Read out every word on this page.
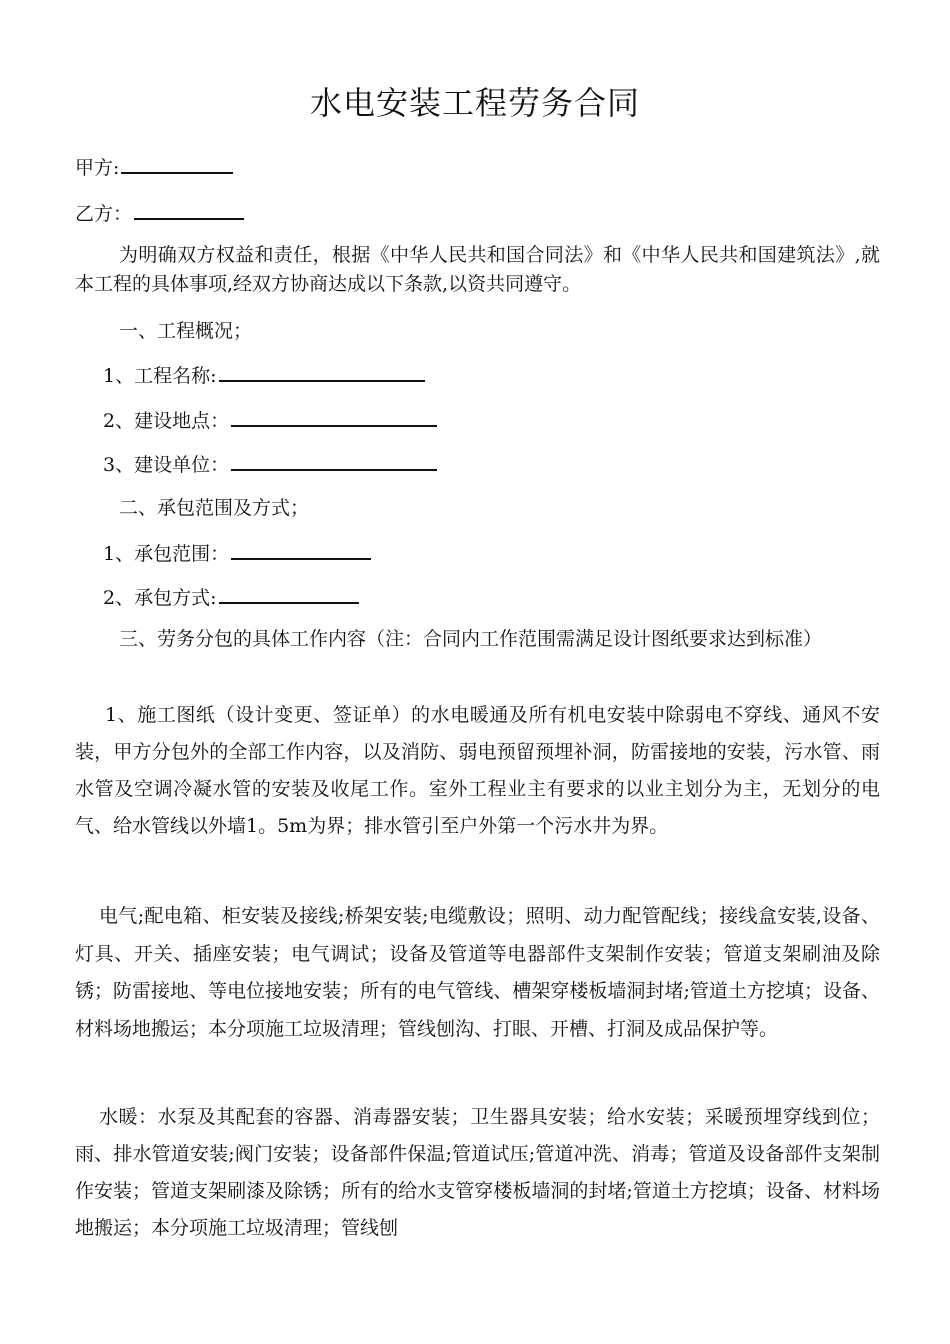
水电安装工程劳务合同
甲方:
乙方：

为明确双方权益和责任，根据《中华人民共和国合同法》和《中华人民共和国建筑法》,就本工程的具体事项,经双方协商达成以下条款,以资共同遵守。

一、工程概况；
1、工程名称:
2、建设地点：
3、建设单位：
二、承包范围及方式；
1、承包范围：
2、承包方式:

三、劳务分包的具体工作内容（注：合同内工作范围需满足设计图纸要求达到标准）

1、施工图纸（设计变更、签证单）的水电暖通及所有机电安装中除弱电不穿线、通风不安装，甲方分包外的全部工作内容，以及消防、弱电预留预埋补洞，防雷接地的安装，污水管、雨水管及空调冷凝水管的安装及收尾工作。室外工程业主有要求的以业主划分为主，无划分的电气、给水管线以外墙1。5m为界；排水管引至户外第一个污水井为界。

电气;配电箱、柜安装及接线;桥架安装;电缆敷设；照明、动力配管配线；接线盒安装,设备、灯具、开关、插座安装；电气调试；设备及管道等电器部件支架制作安装；管道支架刷油及除锈；防雷接地、等电位接地安装；所有的电气管线、槽架穿楼板墙洞封堵;管道土方挖填；设备、材料场地搬运；本分项施工垃圾清理；管线刨沟、打眼、开槽、打洞及成品保护等。

水暖：水泵及其配套的容器、消毒器安装；卫生器具安装；给水安装；采暖预埋穿线到位；雨、排水管道安装;阀门安装；设备部件保温;管道试压;管道冲洗、消毒；管道及设备部件支架制作安装；管道支架刷漆及除锈；所有的给水支管穿楼板墙洞的封堵;管道土方挖填；设备、材料场地搬运；本分项施工垃圾清理；管线刨
